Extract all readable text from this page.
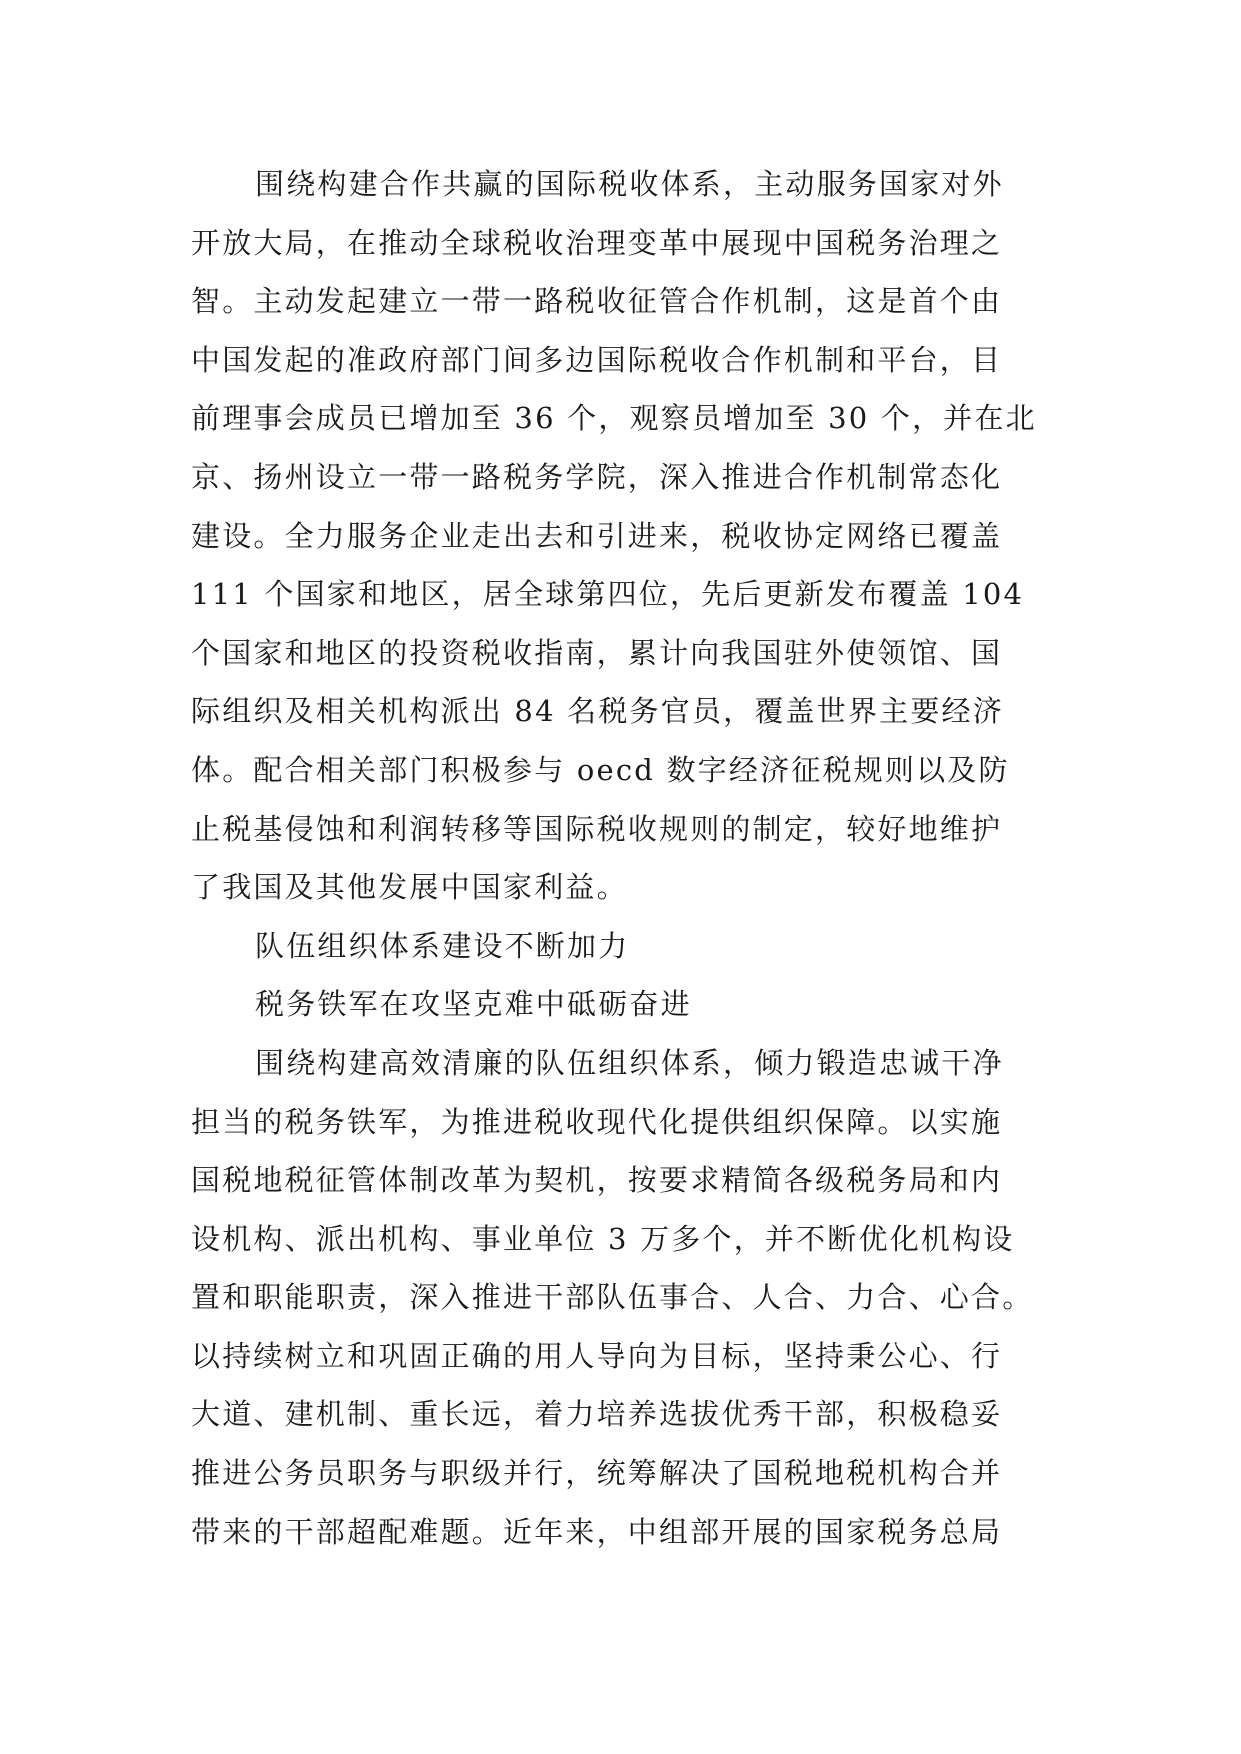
围绕构建合作共赢的国际税收体系，主动服务国家对外
开放大局，在推动全球税收治理变革中展现中国税务治理之
智。主动发起建立一带一路税收征管合作机制，这是首个由
中国发起的准政府部门间多边国际税收合作机制和平台，目
前理事会成员已增加至 36 个，观察员增加至 30 个，并在北
京、扬州设立一带一路税务学院，深入推进合作机制常态化
建设。全力服务企业走出去和引进来，税收协定网络已覆盖
111 个国家和地区，居全球第四位，先后更新发布覆盖 104
个国家和地区的投资税收指南，累计向我国驻外使领馆、国
际组织及相关机构派出 84 名税务官员，覆盖世界主要经济
体。配合相关部门积极参与 oecd 数字经济征税规则以及防
止税基侵蚀和利润转移等国际税收规则的制定，较好地维护
了我国及其他发展中国家利益。
队伍组织体系建设不断加力
税务铁军在攻坚克难中砥砺奋进
围绕构建高效清廉的队伍组织体系，倾力锻造忠诚干净
担当的税务铁军，为推进税收现代化提供组织保障。以实施
国税地税征管体制改革为契机，按要求精简各级税务局和内
设机构、派出机构、事业单位 3 万多个，并不断优化机构设
置和职能职责，深入推进干部队伍事合、人合、力合、心合。
以持续树立和巩固正确的用人导向为目标，坚持秉公心、行
大道、建机制、重长远，着力培养选拔优秀干部，积极稳妥
推进公务员职务与职级并行，统筹解决了国税地税机构合并
带来的干部超配难题。近年来，中组部开展的国家税务总局
